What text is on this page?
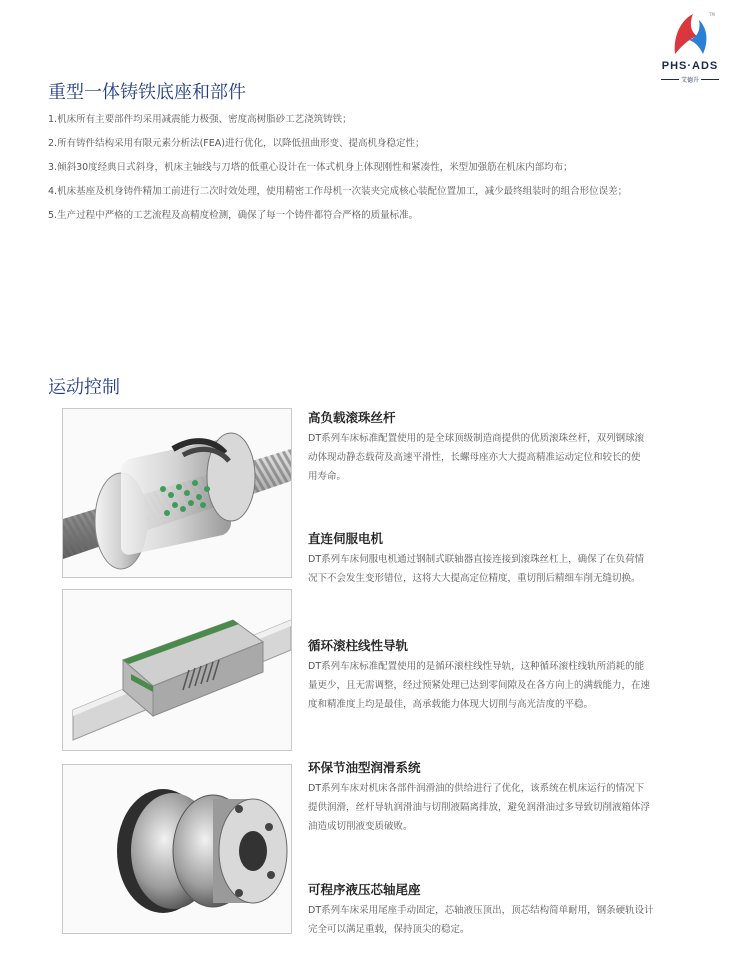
TM
PHS·ADS
艾德升
重型一体铸铁底座和部件
1.机床所有主要部件均采用减震能力极强、密度高树脂砂工艺浇筑铸铁；
2.所有铸件结构采用有限元素分析法(FEA)进行优化，以降低扭曲形变、提高机身稳定性；
3.倾斜30度经典日式斜身，机床主轴线与刀塔的低重心设计在一体式机身上体现刚性和紧凑性，米型加强筋在机床内部均布；
4.机床基座及机身铸件精加工前进行二次时效处理，使用精密工作母机一次装夹完成核心装配位置加工，减少最终组装时的组合形位误差；
5.生产过程中严格的工艺流程及高精度检测，确保了每一个铸件都符合严格的质量标准。
运动控制
高负载滚珠丝杆
DT系列车床标准配置使用的是全球顶级制造商提供的优质滚珠丝杆，双列钢球滚
动体现动静态载荷及高速平滑性，长螺母座亦大大提高精准运动定位和较长的使
用寿命。
直连伺服电机
DT系列车床伺服电机通过钢制式联轴器直接连接到滚珠丝杠上，确保了在负荷情
况下不会发生变形错位，这将大大提高定位精度，重切削后精细车削无缝切换。
循环滚柱线性导轨
DT系列车床标准配置使用的是循环滚柱线性导轨，这种循环滚柱线轨所消耗的能
量更少，且无需调整，经过预紧处理已达到零间隙及在各方向上的满载能力，在速
度和精准度上均是最佳，高承载能力体现大切削与高光洁度的平稳。
环保节油型润滑系统
DT系列车床对机床各部件润滑油的供给进行了优化，该系统在机床运行的情况下
提供润滑，丝杆导轨润滑油与切削液隔离排放，避免润滑油过多导致切削液箱体浮
油造成切削液变质破败。
可程序液压芯轴尾座
DT系列车床采用尾座手动固定，芯轴液压顶出，顶芯结构简单耐用，钢条硬轨设计
完全可以满足重载，保持顶尖的稳定。
